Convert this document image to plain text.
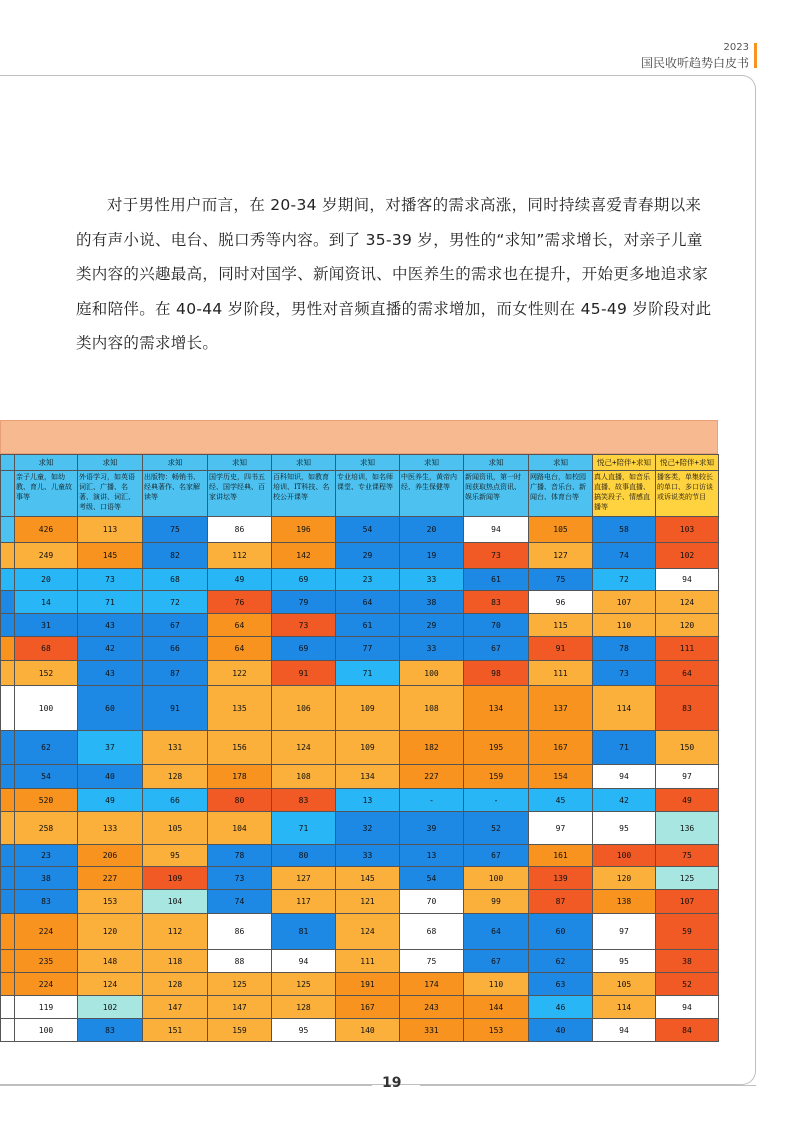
2023
国民收听趋势白皮书
对于男性用户而言，在 20-34 岁期间，对播客的需求高涨，同时持续喜爱青春期以来
的有声小说、电台、脱口秀等内容。到了 35-39 岁，男性的“求知”需求增长，对亲子儿童
类内容的兴趣最高，同时对国学、新闻资讯、中医养生的需求也在提升，开始更多地追求家
庭和陪伴。在 40-44 岁阶段，男性对音频直播的需求增加，而女性则在 45-49 岁阶段对此
类内容的需求增长。
	求知	求知	求知	求知	求知	求知	求知	求知	求知	悦己+陪伴+求知	悦己+陪伴+求知
	亲子儿童，如幼教、育儿、儿童故事等	外语学习，如英语词汇、广播、名著、演讲、词汇、考级、口语等	出版物：畅销书、经典著作、名家解读等	国学历史，四书五经、国学经典、百家讲坛等	百科知识，如教育培训、IT科技、名校公开课等	专业培训，如名师课堂、专业课程等	中医养生，黄帝内经、养生保健等	新闻资讯，第一时间获取热点资讯、娱乐新闻等	网路电台，如校园广播、音乐台、新闻台、体育台等	真人直播，如音乐直播、故事直播、搞笑段子、情感直播等	播客类，单集较长的单口、多口访谈或诉说类的节目
	426	113	75	86	196	54	20	94	105	58	103
	249	145	82	112	142	29	19	73	127	74	102
	20	73	68	49	69	23	33	61	75	72	94
	14	71	72	76	79	64	38	83	96	107	124
	31	43	67	64	73	61	29	70	115	110	120
	68	42	66	64	69	77	33	67	91	78	111
	152	43	87	122	91	71	100	98	111	73	64
	100	60	91	135	106	109	108	134	137	114	83
	62	37	131	156	124	109	182	195	167	71	150
	54	40	128	178	108	134	227	159	154	94	97
	520	49	66	80	83	13	-	-	45	42	49
	258	133	105	104	71	32	39	52	97	95	136
	23	206	95	78	80	33	13	67	161	100	75
	38	227	109	73	127	145	54	100	139	120	125
	83	153	104	74	117	121	70	99	87	138	107
	224	120	112	86	81	124	68	64	60	97	59
	235	148	118	88	94	111	75	67	62	95	38
	224	124	128	125	125	191	174	110	63	105	52
	119	102	147	147	128	167	243	144	46	114	94
	100	83	151	159	95	140	331	153	40	94	84
19
